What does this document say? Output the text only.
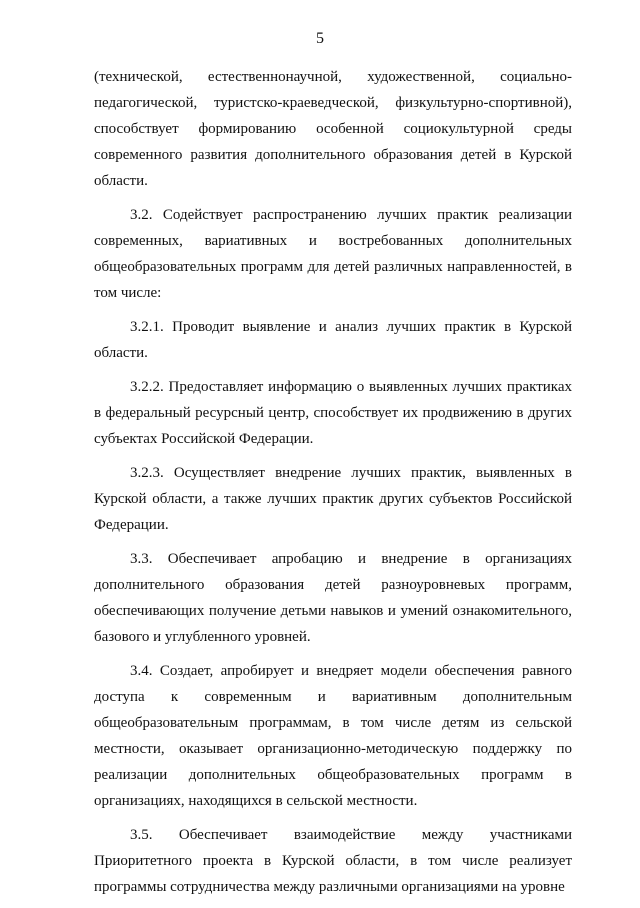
5

(технической, естественнонаучной, художественной, социально-педагогической, туристско-краеведческой, физкультурно-спортивной), способствует формированию особенной социокультурной среды современного развития дополнительного образования детей в Курской области.

3.2. Содействует распространению лучших практик реализации современных, вариативных и востребованных дополнительных общеобразовательных программ для детей различных направленностей, в том числе:

3.2.1. Проводит выявление и анализ лучших практик в Курской области.

3.2.2. Предоставляет информацию о выявленных лучших практиках в федеральный ресурсный центр, способствует их продвижению в других субъектах Российской Федерации.

3.2.3. Осуществляет внедрение лучших практик, выявленных в Курской области, а также лучших практик других субъектов Российской Федерации.

3.3. Обеспечивает апробацию и внедрение в организациях дополнительного образования детей разноуровневых программ, обеспечивающих получение детьми навыков и умений ознакомительного, базового и углубленного уровней.

3.4. Создает, апробирует и внедряет модели обеспечения равного доступа к современным и вариативным дополнительным общеобразовательным программам, в том числе детям из сельской местности, оказывает организационно-методическую поддержку по реализации дополнительных общеобразовательных программ в организациях, находящихся в сельской местности.

3.5. Обеспечивает взаимодействие между участниками Приоритетного проекта в Курской области, в том числе реализует программы сотрудничества между различными организациями на уровне
